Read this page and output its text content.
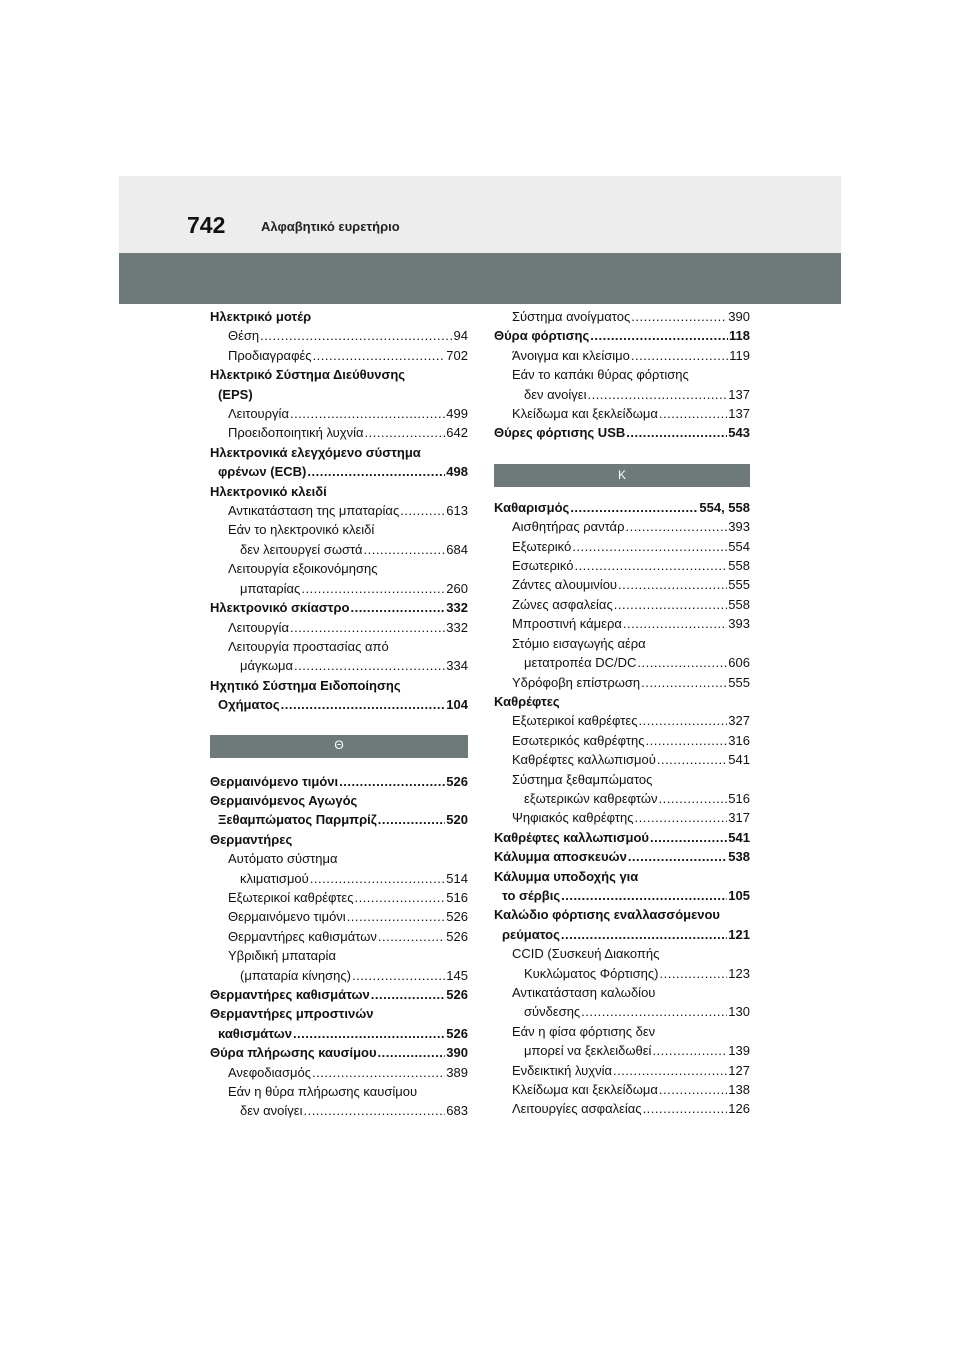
742	Αλφαβητικό ευρετήριο
Ηλεκτρικό μοτέρ
Θέση .....	94
Προδιαγραφές .....	702
Ηλεκτρικό Σύστημα Διεύθυνσης
(EPS)
Λειτουργία .....	499
Προειδοποιητική λυχνία .....	642
Ηλεκτρονικά ελεγχόμενο σύστημα
φρένων (ECB) .....	498
Ηλεκτρονικό κλειδί
Αντικατάσταση της μπαταρίας .....	613
Εάν το ηλεκτρονικό κλειδί
δεν λειτουργεί σωστά .....	684
Λειτουργία εξοικονόμησης
μπαταρίας .....	260
Ηλεκτρονικό σκίαστρο .....	332
Λειτουργία .....	332
Λειτουργία προστασίας από
μάγκωμα .....	334
Ηχητικό Σύστημα Ειδοποίησης
Οχήματος .....	104
Θ
Θερμαινόμενο τιμόνι .....	526
Θερμαινόμενος Αγωγός
Ξεθαμπώματος Παρμπρίζ .....	520
Θερμαντήρες
Αυτόματο σύστημα
κλιματισμού .....	514
Εξωτερικοί καθρέφτες .....	516
Θερμαινόμενο τιμόνι .....	526
Θερμαντήρες καθισμάτων .....	526
Υβριδική μπαταρία
(μπαταρία κίνησης) .....	145
Θερμαντήρες καθισμάτων .....	526
Θερμαντήρες μπροστινών
καθισμάτων .....	526
Θύρα πλήρωσης καυσίμου .....	390
Ανεφοδιασμός .....	389
Εάν η θύρα πλήρωσης καυσίμου
δεν ανοίγει .....	683
Σύστημα ανοίγματος .....	390
Θύρα φόρτισης .....	118
Άνοιγμα και κλείσιμο .....	119
Εάν το καπάκι θύρας φόρτισης
δεν ανοίγει .....	137
Κλείδωμα και ξεκλείδωμα .....	137
Θύρες φόρτισης USB .....	543
Κ
Καθαρισμός .....	554, 558
Αισθητήρας ραντάρ .....	393
Εξωτερικό .....	554
Εσωτερικό .....	558
Ζάντες αλουμινίου .....	555
Ζώνες ασφαλείας .....	558
Μπροστινή κάμερα .....	393
Στόμιο εισαγωγής αέρα
μετατροπέα DC/DC .....	606
Υδρόφοβη επίστρωση .....	555
Καθρέφτες
Εξωτερικοί καθρέφτες .....	327
Εσωτερικός καθρέφτης .....	316
Καθρέφτες καλλωπισμού .....	541
Σύστημα ξεθαμπώματος
εξωτερικών καθρεφτών .....	516
Ψηφιακός καθρέφτης .....	317
Καθρέφτες καλλωπισμού .....	541
Κάλυμμα αποσκευών .....	538
Κάλυμμα υποδοχής για
το σέρβις .....	105
Καλώδιο φόρτισης εναλλασσόμενου
ρεύματος .....	121
CCID (Συσκευή Διακοπής
Κυκλώματος Φόρτισης) .....	123
Αντικατάσταση καλωδίου
σύνδεσης .....	130
Εάν η φίσα φόρτισης δεν
μπορεί να ξεκλειδωθεί .....	139
Ενδεικτική λυχνία .....	127
Κλείδωμα και ξεκλείδωμα .....	138
Λειτουργίες ασφαλείας .....	126
